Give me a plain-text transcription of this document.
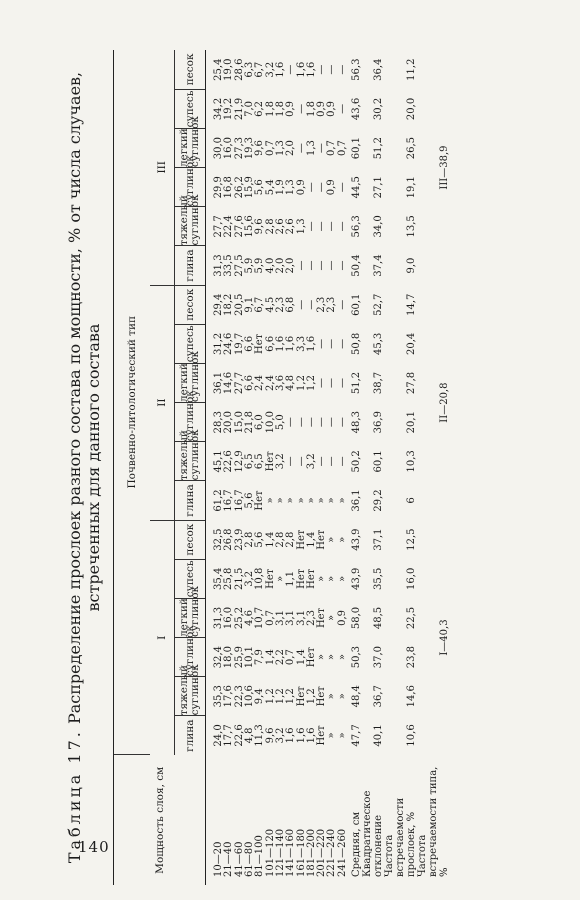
140
Таблица 17. Распределение прослоек разного состава по мощности, % от числа случаев, встреченных для данного состава
Мощность слоя, см	Почвенно-литологический тип																	
	I						II						III					
	глина	тяжелый суглинок	суглинок	легкий суглинок	супесь	песок	глина	тяжелый суглинок	суглинок	легкий суглинок	супесь	песок	глина	тяжелый суглинок	суглинок	легкий суглинок	супесь	песок

10—20	24,0	35,3	32,4	31,3	35,4	32,5	61,2	45,1	28,3	36,1	31,2	29,4	31,3	27,7	29,9	30,0	34,2	25,4
21—40	17,7	17,6	18,0	16,0	25,8	26,8	16,7	22,6	20,0	14,6	24,6	18,2	33,5	22,4	16,8	16,0	19,2	19,0
41—60	22,6	22,3	25,9	25,2	21,5	23,9	16,7	12,9	15,0	27,7	19,7	20,5	27,5	27,6	26,2	27,3	21,9	28,6
61—80	4,8	10,6	10,1	4,6	3,2	2,8	5,6	6,5	21,8	6,6	6,6	9,1	5,9	15,6	15,9	19,3	7,0	6,3
81—100	11,3	9,4	7,9	10,7	10,8	5,6	Нет	6,5	6,0	2,4	Нет	6,7	5,9	9,6	5,6	9,6	6,2	6,7
101—120	9,6	1,2	1,4	0,7	Нет	1,4	»	Нет	10,0	2,4	6,6	4,5	4,0	2,8	5,4	0,7	1,8	3,2
121—140	3,2	1,2	2,2	3,1	»	2,8	»	3,2	5,0	3,6	1,6	2,3	2,0	2,6	1,9	1,3	1,8	1,6
141—160	1,6	1,2	0,7	3,1	1,1	2,8	»	—	—	4,8	1,6	6,8	2,0	2,6	1,3	2,0	0,9	—
161—180	1,6	Нет	1,4	3,1	Нет	Нет	»	—	—	1,2	3,3	—	—	1,3	0,9	—	—	1,6
181—200	1,6	1,2	Нет	2,3	Нет	1,4	»	3,2	—	1,2	1,6	—	—	—	—	1,3	1,8	1,6
201—220	Нет	Нет	»	Нет	»	Нет	»	—	—	—	—	2,3	—	—	—	—	0,9	—
221—240	»	»	»	»	»	»	»	—	—	—	—	2,3	—	—	0,9	0,7	0,9	—
241—260	»	»	»	0,9	»	»	»	—	—	—	—	—	—	—	—	0,7	—	—
Средняя, см	47,7	48,4	50,3	58,0	43,9	43,9	36,1	50,2	48,3	51,2	50,8	60,1	50,4	56,3	44,5	60,1	43,6	56,3
Квадратическое отклонение	40,1	36,7	37,0	48,5	35,5	37,1	29,2	60,1	36,9	38,7	45,3	52,7	37,4	34,0	27,1	51,2	30,2	36,4
Частота встречаемости прослоек, %	10,6	14,6	23,8	22,5	16,0	12,5	6	10,3	20,1	27,8	20,4	14,7	9,0	13,5	19,1	26,5	20,0	11,2
Частота встречаемости типа, %	I—40,3						II—20,8						III—38,9					
